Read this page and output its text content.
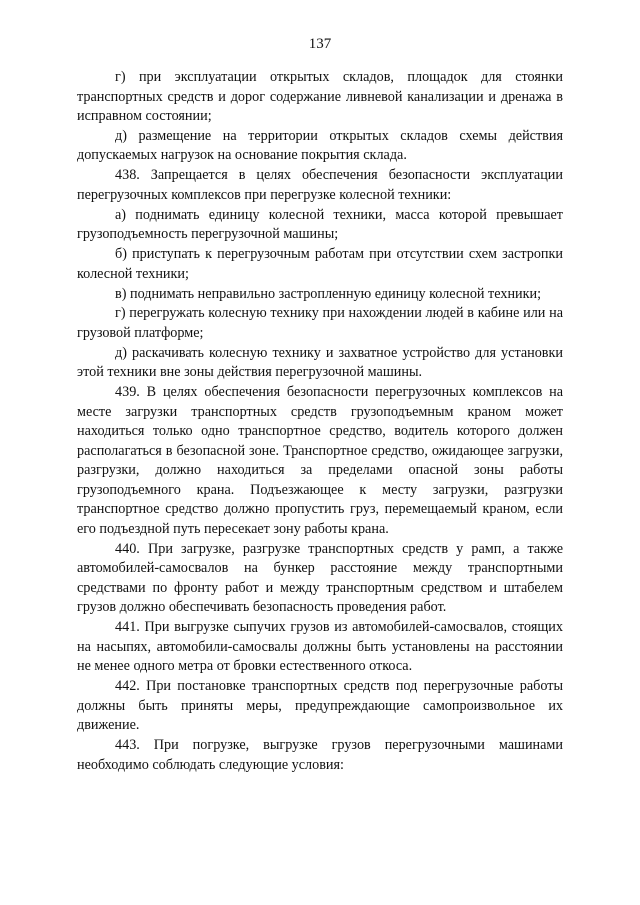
137

г) при эксплуатации открытых складов, площадок для стоянки транспортных средств и дорог содержание ливневой канализации и дренажа в исправном состоянии;

д) размещение на территории открытых складов схемы действия допускаемых нагрузок на основание покрытия склада.

438. Запрещается в целях обеспечения безопасности эксплуатации перегрузочных комплексов при перегрузке колесной техники:

а) поднимать единицу колесной техники, масса которой превышает грузоподъемность перегрузочной машины;

б) приступать к перегрузочным работам при отсутствии схем застропки колесной техники;

в) поднимать неправильно застропленную единицу колесной техники;

г) перегружать колесную технику при нахождении людей в кабине или на грузовой платформе;

д) раскачивать колесную технику и захватное устройство для установки этой техники вне зоны действия перегрузочной машины.

439. В целях обеспечения безопасности перегрузочных комплексов на месте загрузки транспортных средств грузоподъемным краном может находиться только одно транспортное средство, водитель которого должен располагаться в безопасной зоне. Транспортное средство, ожидающее загрузки, разгрузки, должно находиться за пределами опасной зоны работы грузоподъемного крана. Подъезжающее к месту загрузки, разгрузки транспортное средство должно пропустить груз, перемещаемый краном, если его подъездной путь пересекает зону работы крана.

440. При загрузке, разгрузке транспортных средств у рамп, а также автомобилей-самосвалов на бункер расстояние между транспортными средствами по фронту работ и между транспортным средством и штабелем грузов должно обеспечивать безопасность проведения работ.

441. При выгрузке сыпучих грузов из автомобилей-самосвалов, стоящих на насыпях, автомобили-самосвалы должны быть установлены на расстоянии не менее одного метра от бровки естественного откоса.

442. При постановке транспортных средств под перегрузочные работы должны быть приняты меры, предупреждающие самопроизвольное их движение.

443. При погрузке, выгрузке грузов перегрузочными машинами необходимо соблюдать следующие условия:
